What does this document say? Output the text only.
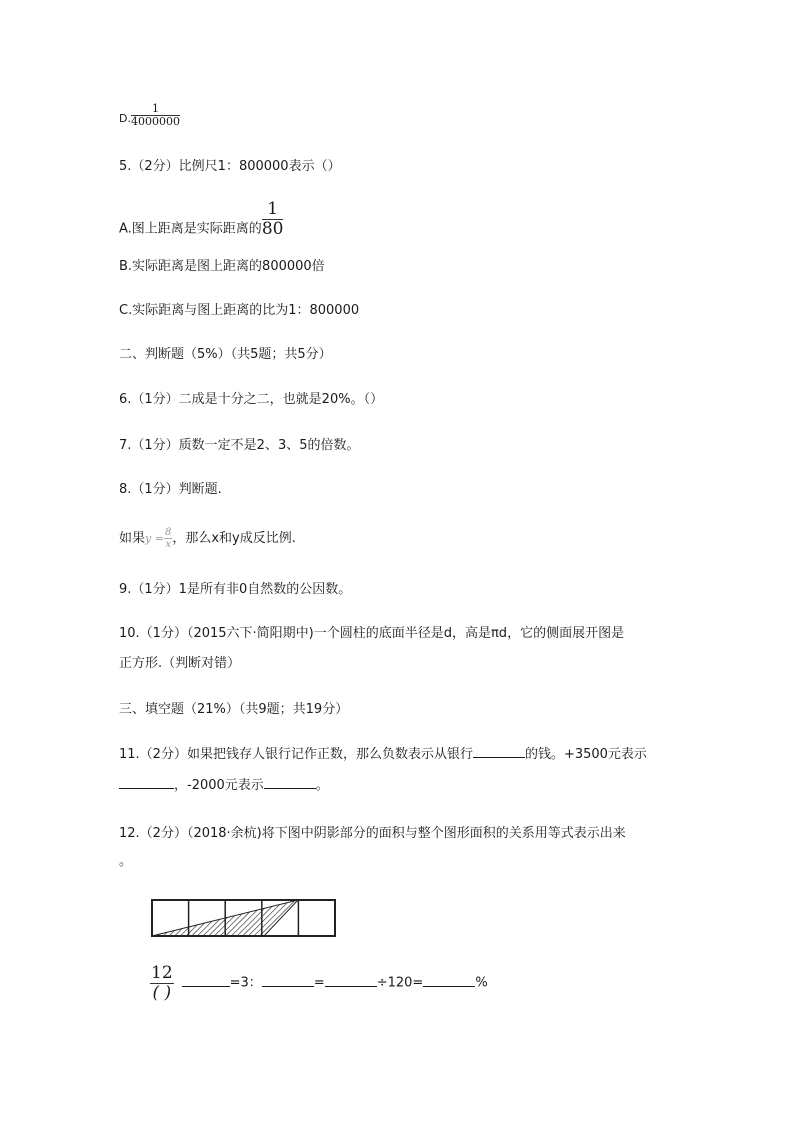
D. $\frac{1}{4000000}$
5.（2分）比例尺1：800000表示（）
A.图上距离是实际距离的 $\frac{1}{80}$
B.实际距离是图上距离的800000倍
C.实际距离与图上距离的比为1：800000
二、判断题（5%）（共5题；共5分）
6.（1分）二成是十分之二，也就是20%。（）
7.（1分）质数一定不是2、3、5的倍数。
8.（1分）判断题.
如果$y = \frac{8}{x}$ ，那么x和y成反比例.
9.（1分）1是所有非0自然数的公因数。
10.（1分）（2015六下·简阳期中)一个圆柱的底面半径是d，高是πd，它的侧面展开图是
正方形.（判断对错）
三、填空题（21%）（共9题；共19分）
11.（2分）如果把钱存人银行记作正数，那么负数表示从银行	的钱。+3500元表示
，-2000元表示	。
12.（2分）（2018·余杭)将下图中阴影部分的面积与整个图形面积的关系用等式表示出来
。
$\frac{12}{( )}$	=3：	=	÷120=	%
